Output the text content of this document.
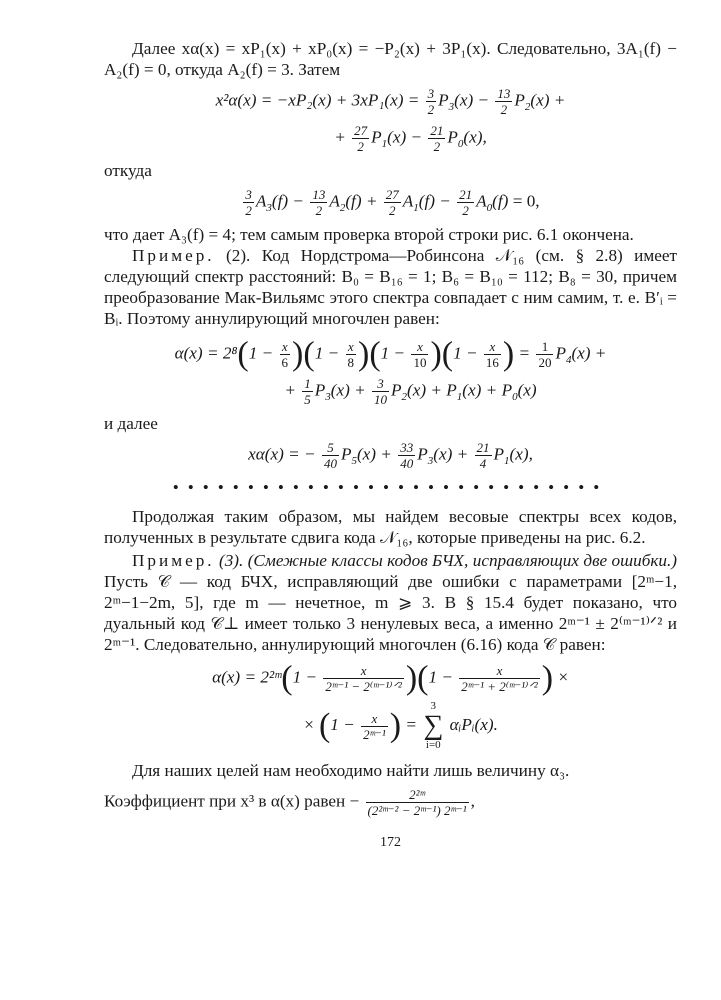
Далее xα(x) = xP₁(x) + xP₀(x) = −P₂(x) + 3P₁(x). Следовательно, 3A₁(f) − A₂(f) = 0, откуда A₂(f) = 3. Затем

$x^2\alpha(x) = -xP_2(x) + 3xP_1(x) = \frac{3}{2} P_3(x) - \frac{13}{2} P_2(x)$ +
+ $\frac{27}{2} P_1(x) - \frac{21}{2} P_0(x)$,

откуда

$\frac{3}{2} A_3(f) - \frac{13}{2} A_2(f) + \frac{27}{2} A_1(f) - \frac{21}{2} A_0(f) = 0$,

что дает A₃(f) = 4; тем самым проверка второй строки рис. 6.1 окончена.

Пример. (2). Код Нордстрома—Робинсона 𝒩₁₆ (см. § 2.8) имеет следующий спектр расстояний: B₀ = B₁₆ = 1; B₆ = B₁₀ = 112; B₈ = 30, причем преобразование Мак-Вильямс этого спектра совпадает с ним самим, т. е. B′ᵢ = Bᵢ. Поэтому аннулирующий многочлен равен:

$\alpha(x) = 2^8(1 - \frac{x}{6} )(1 - \frac{x}{8} )(1 - \frac{x}{10} )(1 - \frac{x}{16}$ ) = $\frac{1}{20} P_4(x)$ +
+ $\frac{1}{5} P_3(x) + \frac{3}{10} P_2(x) + P_1(x) + P_0(x)$

и далее

xα(x) = − $\frac{5}{40} P_5(x) + \frac{33}{40} P_3(x) + \frac{21}{4} P_1(x)$,
•••••••••••••••••••••••••••••

Продолжая таким образом, мы найдем весовые спектры всех кодов, полученных в результате сдвига кода 𝒩₁₆, которые приведены на рис. 6.2.

Пример. (3). (Смежные классы кодов БЧХ, исправляющих две ошибки.) Пусть 𝒞 — код БЧХ, исправляющий две ошибки с параметрами [2ᵐ−1, 2ᵐ−1−2m, 5], где m — нечетное, m ⩾ 3. В § 15.4 будет показано, что дуальный код 𝒞⊥ имеет только 3 ненулевых веса, а именно 2ᵐ⁻¹ ± 2⁽ᵐ⁻¹⁾ᐟ² и 2ᵐ⁻¹. Следовательно, аннулирующий многочлен (6.16) кода 𝒞 равен:

α(x) = 2²ᵐ(1 − $\frac{x}{\text{2ᵐ⁻¹ − 2⁽ᵐ⁻¹⁾ᐟ²}} )(1 - \frac{x}{\text{2ᵐ⁻¹ + 2⁽ᵐ⁻¹⁾ᐟ²}}$ ) ×
× ($1 - \frac{x}{\text{2ᵐ⁻¹}}$ ) = 3
∑
i=0 αᵢPᵢ(x).

Для наших целей нам необходимо найти лишь величину α₃.

Коэффициент при x³ в α(x) равен − $\frac{\text{2²ᵐ}}{\text{(2²ᵐ⁻² − 2ᵐ⁻¹) 2ᵐ⁻¹}}$ ,

172
